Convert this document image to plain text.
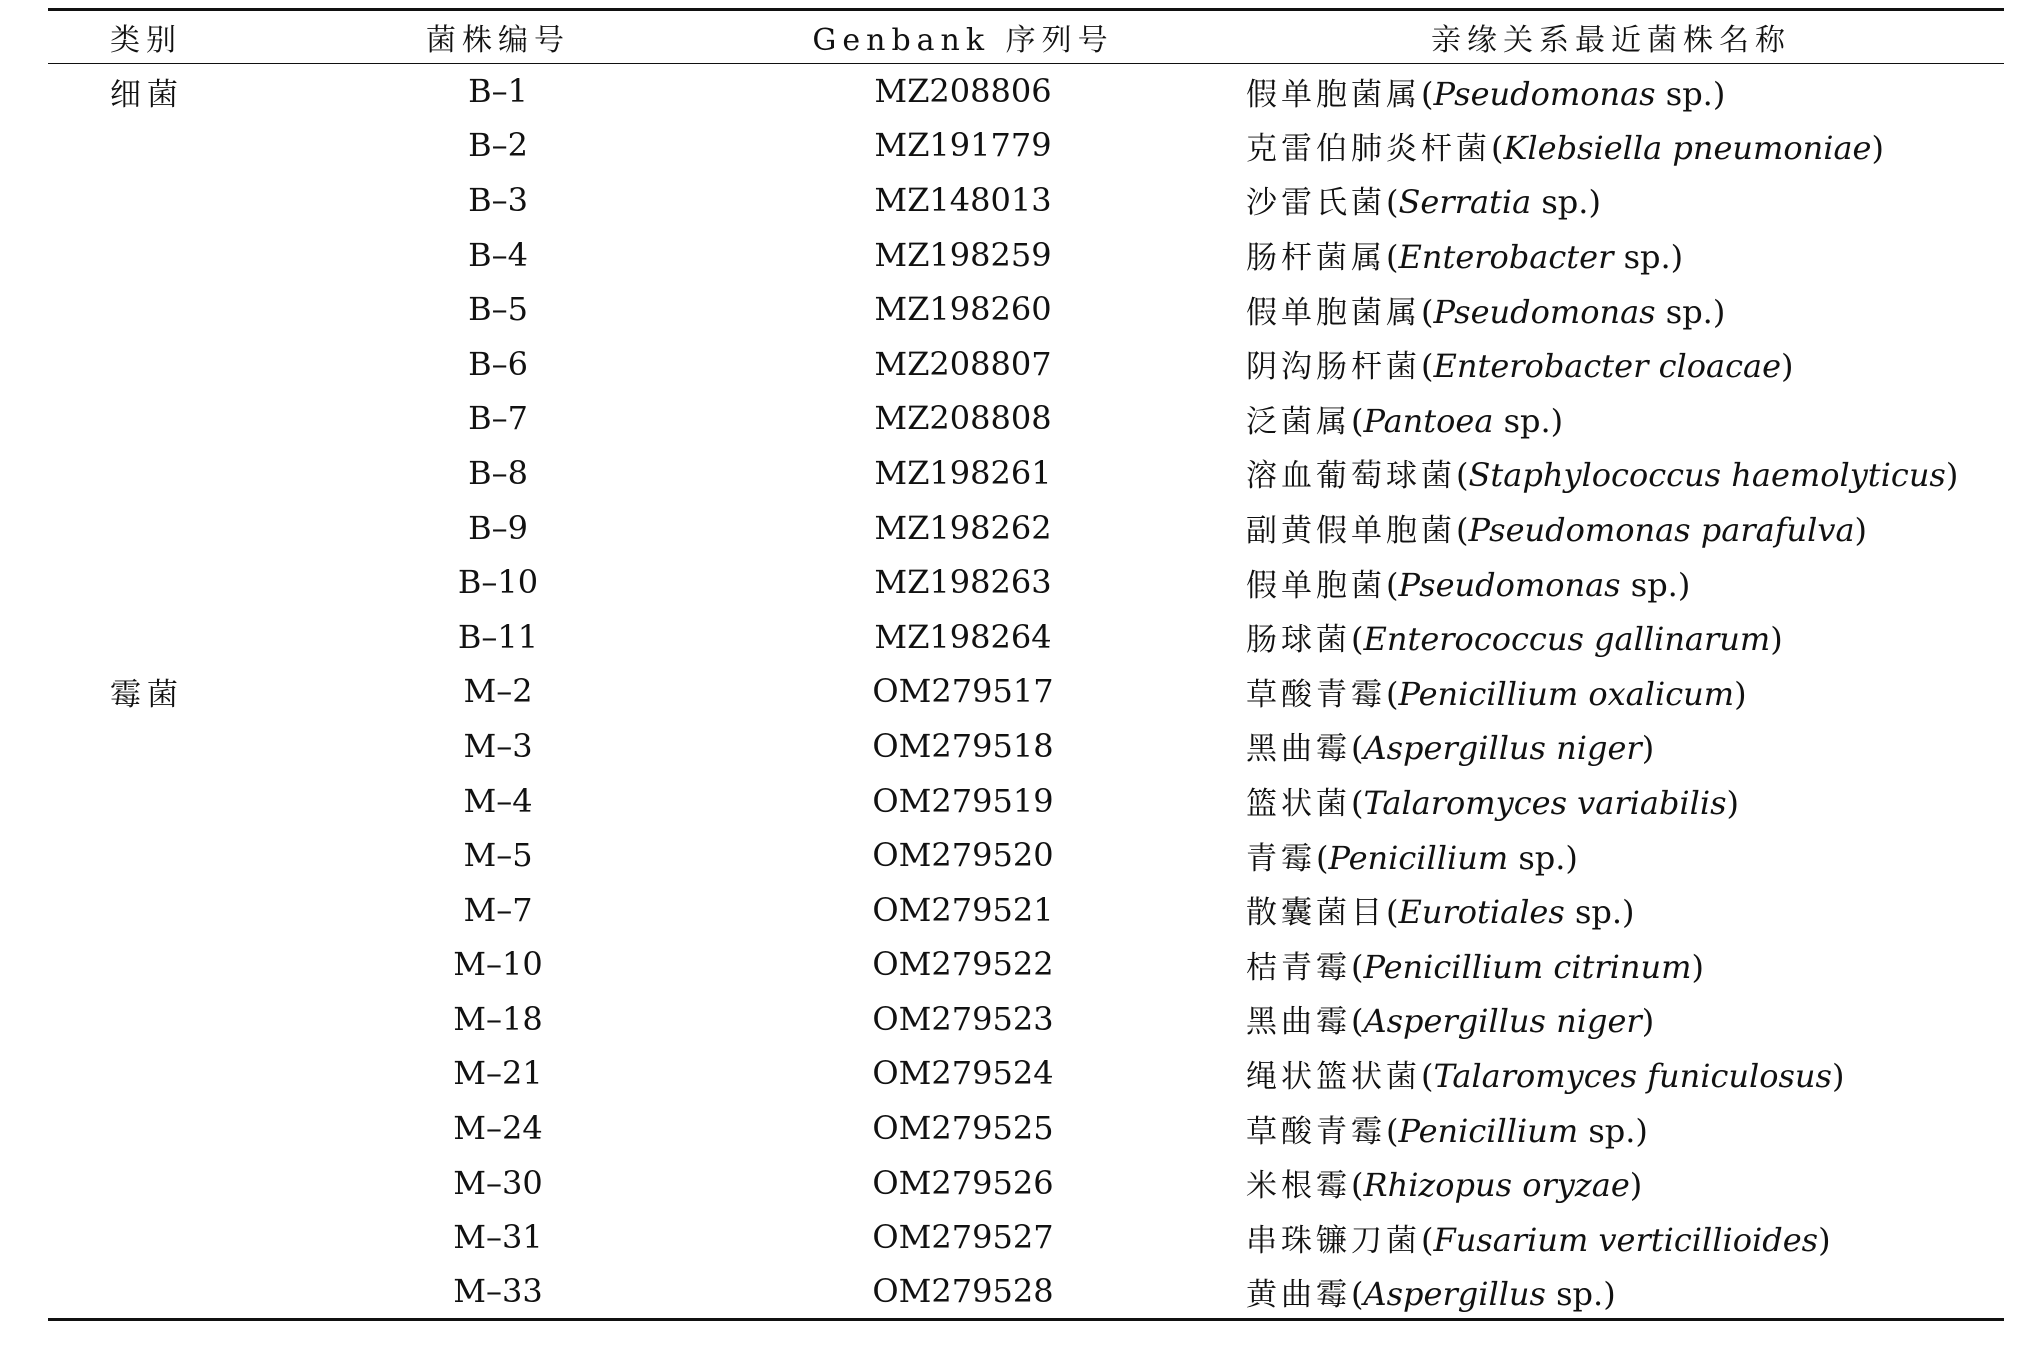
类别	菌株编号	Genbank 序列号	亲缘关系最近菌株名称
细菌	B–1	MZ208806	假单胞菌属(Pseudomonas sp.)
	B–2	MZ191779	克雷伯肺炎杆菌(Klebsiella pneumoniae)
	B–3	MZ148013	沙雷氏菌(Serratia sp.)
	B–4	MZ198259	肠杆菌属(Enterobacter sp.)
	B–5	MZ198260	假单胞菌属(Pseudomonas sp.)
	B–6	MZ208807	阴沟肠杆菌(Enterobacter cloacae)
	B–7	MZ208808	泛菌属(Pantoea sp.)
	B–8	MZ198261	溶血葡萄球菌(Staphylococcus haemolyticus)
	B–9	MZ198262	副黄假单胞菌(Pseudomonas parafulva)
	B–10	MZ198263	假单胞菌(Pseudomonas sp.)
	B–11	MZ198264	肠球菌(Enterococcus gallinarum)
霉菌	M–2	OM279517	草酸青霉(Penicillium oxalicum)
	M–3	OM279518	黑曲霉(Aspergillus niger)
	M–4	OM279519	篮状菌(Talaromyces variabilis)
	M–5	OM279520	青霉(Penicillium sp.)
	M–7	OM279521	散囊菌目(Eurotiales sp.)
	M–10	OM279522	桔青霉(Penicillium citrinum)
	M–18	OM279523	黑曲霉(Aspergillus niger)
	M–21	OM279524	绳状篮状菌(Talaromyces funiculosus)
	M–24	OM279525	草酸青霉(Penicillium sp.)
	M–30	OM279526	米根霉(Rhizopus oryzae)
	M–31	OM279527	串珠镰刀菌(Fusarium verticillioides)
	M–33	OM279528	黄曲霉(Aspergillus sp.)
